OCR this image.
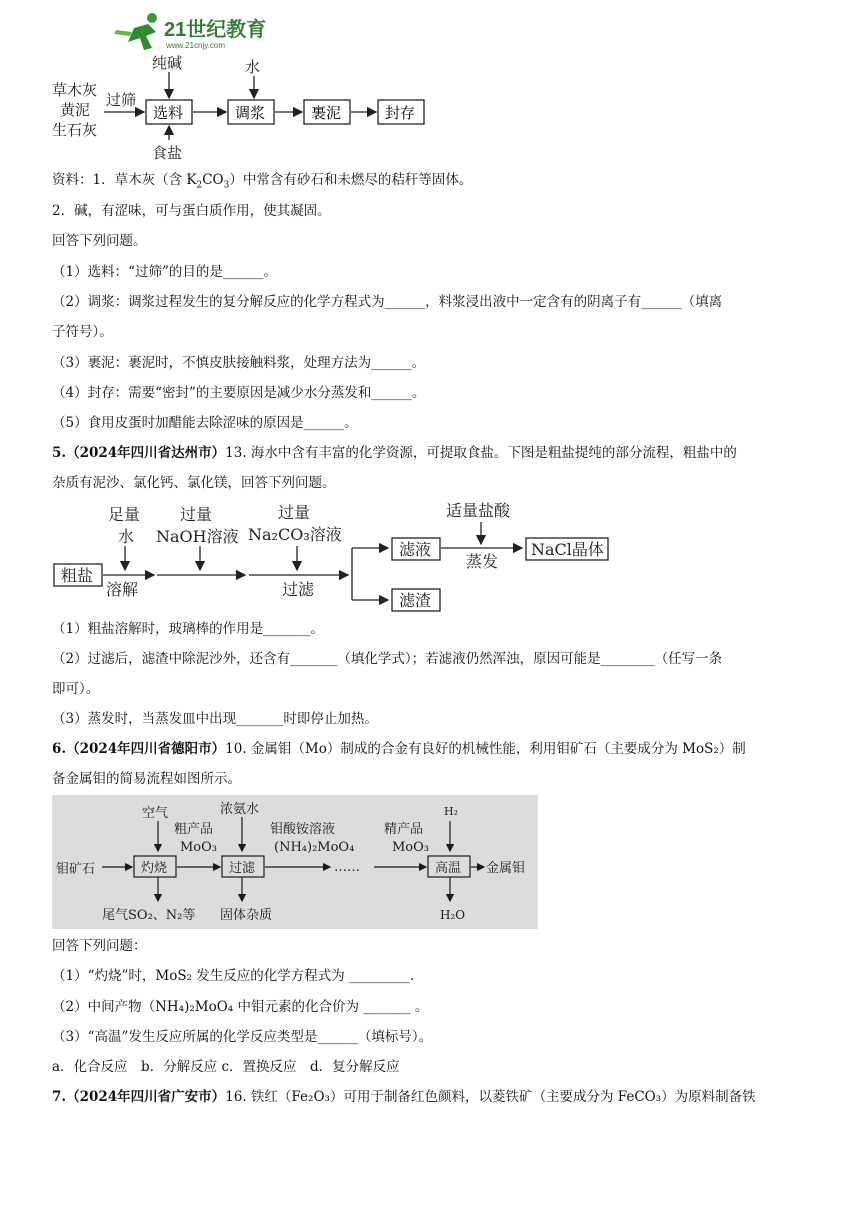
21世纪教育
www.21cnjy.com
草木灰
黄泥
生石灰
过筛
纯碱	水
食盐
选料	调浆	裹泥	封存
资料：1．草木灰（含 $K_2CO_3$）中常含有砂石和未燃尽的秸秆等固体。
2．碱，有涩味，可与蛋白质作用，使其凝固。
回答下列问题。
（1）选料：“过筛”的目的是______。
（2）调浆：调浆过程发生的复分解反应的化学方程式为______，料浆浸出液中一定含有的阴离子有______（填离
子符号）。
（3）裹泥：裹泥时，不慎皮肤接触料浆，处理方法为______。
（4）封存：需要“密封”的主要原因是减少水分蒸发和______。
（5）食用皮蛋时加醋能去除涩味的原因是______。
5.（2024年四川省达州市）13. 海水中含有丰富的化学资源，可提取食盐。下图是粗盐提纯的部分流程，粗盐中的
杂质有泥沙、氯化钙、氯化镁，回答下列问题。
粗盐
足量
水
溶解
过量
NaOH溶液
过量
Na₂CO₃溶液
过滤
滤液
滤渣
适量盐酸
蒸发
NaCl晶体
（1）粗盐溶解时，玻璃棒的作用是_______。
（2）过滤后，滤渣中除泥沙外，还含有_______（填化学式）；若滤液仍然浑浊，原因可能是________（任写一条
即可）。
（3）蒸发时，当蒸发皿中出现_______时即停止加热。
6.（2024年四川省德阳市）10. 金属钼（Mo）制成的合金有良好的机械性能，利用钼矿石（主要成分为 MoS₂）制
备金属钼的简易流程如图所示。
空气	浓氨水
粗产品
MoO₃
钼酸铵溶液
(NH₄)₂MoO₄
精产品
MoO₃
H₂
钼矿石	灼烧	过滤	……	高温 金属钼
尾气SO₂、N₂等 固体杂质	H₂O
回答下列问题：
（1）“灼烧”时，MoS₂ 发生反应的化学方程式为 _________.
（2）中间产物（NH₄)₂MoO₄ 中钼元素的化合价为 _______ 。
（3）“高温”发生反应所属的化学反应类型是______（填标号）。
a．化合反应　b．分解反应 c．置换反应　d．复分解反应
7.（2024年四川省广安市）16. 铁红（Fe₂O₃）可用于制备红色颜料，以菱铁矿（主要成分为 FeCO₃）为原料制备铁
